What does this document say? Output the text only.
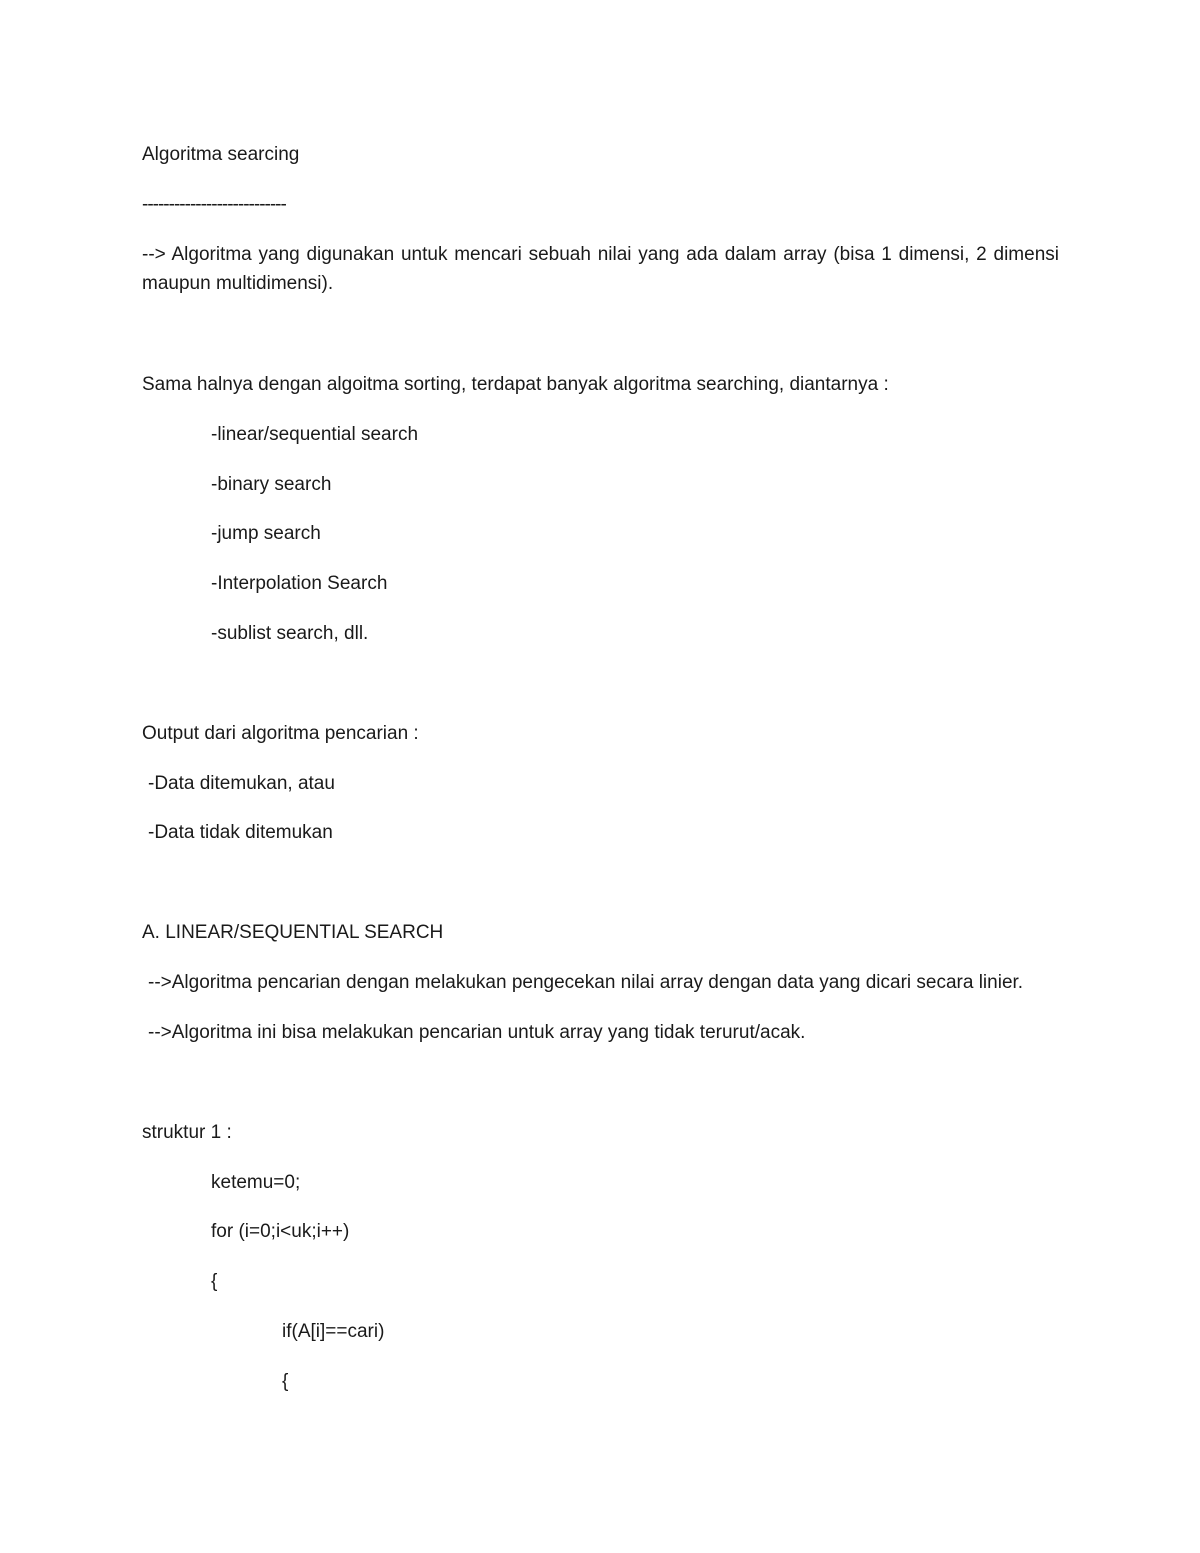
Algoritma searcing
---------------------------
--> Algoritma yang digunakan untuk mencari sebuah nilai yang ada dalam array (bisa 1 dimensi, 2 dimensi maupun multidimensi).
Sama halnya dengan algoitma sorting, terdapat banyak algoritma searching, diantarnya :
-linear/sequential search
-binary search
-jump search
-Interpolation Search
-sublist search, dll.
Output dari algoritma pencarian :
-Data ditemukan, atau
-Data tidak ditemukan
A. LINEAR/SEQUENTIAL SEARCH
-->Algoritma pencarian dengan melakukan pengecekan nilai array dengan data yang dicari secara linier.
-->Algoritma ini bisa melakukan pencarian untuk array yang tidak terurut/acak.
struktur 1 :
ketemu=0;
for (i=0;i<uk;i++)
{
if(A[i]==cari)
{
